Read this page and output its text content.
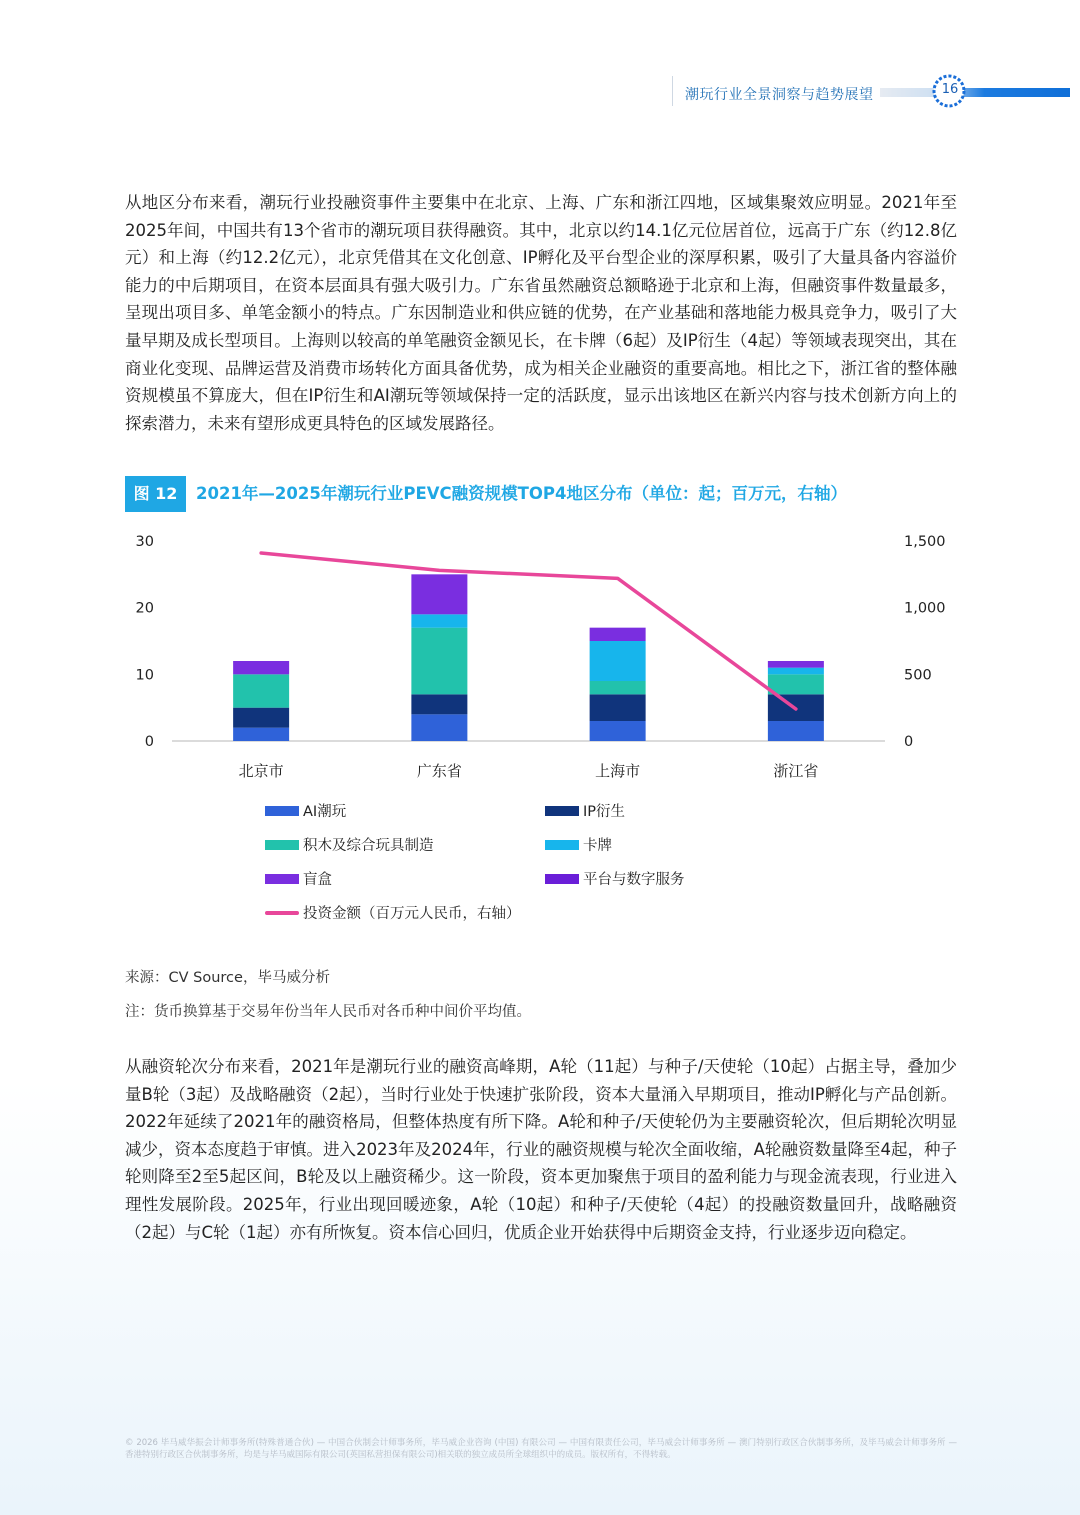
潮玩行业全景洞察与趋势展望	16

从地区分布来看，潮玩行业投融资事件主要集中在北京、上海、广东和浙江四地，区域集聚效应明显。2021年至2025年间，中国共有13个省市的潮玩项目获得融资。其中，北京以约14.1亿元位居首位，远高于广东（约12.8亿元）和上海（约12.2亿元），北京凭借其在文化创意、IP孵化及平台型企业的深厚积累，吸引了大量具备内容溢价能力的中后期项目，在资本层面具有强大吸引力。广东省虽然融资总额略逊于北京和上海，但融资事件数量最多，呈现出项目多、单笔金额小的特点。广东因制造业和供应链的优势，在产业基础和落地能力极具竞争力，吸引了大量早期及成长型项目。上海则以较高的单笔融资金额见长，在卡牌（6起）及IP衍生（4起）等领域表现突出，其在商业化变现、品牌运营及消费市场转化方面具备优势，成为相关企业融资的重要高地。相比之下，浙江省的整体融资规模虽不算庞大，但在IP衍生和AI潮玩等领域保持一定的活跃度，显示出该地区在新兴内容与技术创新方向上的探索潜力，未来有望形成更具特色的区域发展路径。

图 12	2021年—2025年潮玩行业PEVC融资规模TOP4地区分布（单位：起；百万元，右轴）
0
10
20
30
0
500
1,000
1,500
北京市	广东省	上海市	浙江省
AI潮玩	IP衍生
积木及综合玩具制造	卡牌
盲盒	平台与数字服务
投资金额（百万元人民币，右轴）
来源：CV Source，毕马威分析
注：货币换算基于交易年份当年人民币对各币种中间价平均值。

从融资轮次分布来看，2021年是潮玩行业的融资高峰期，A轮（11起）与种子/天使轮（10起）占据主导，叠加少量B轮（3起）及战略融资（2起），当时行业处于快速扩张阶段，资本大量涌入早期项目，推动IP孵化与产品创新。2022年延续了2021年的融资格局，但整体热度有所下降。A轮和种子/天使轮仍为主要融资轮次，但后期轮次明显减少，资本态度趋于审慎。进入2023年及2024年，行业的融资规模与轮次全面收缩，A轮融资数量降至4起，种子轮则降至2至5起区间，B轮及以上融资稀少。这一阶段，资本更加聚焦于项目的盈利能力与现金流表现，行业进入理性发展阶段。2025年，行业出现回暖迹象，A轮（10起）和种子/天使轮（4起）的投融资数量回升，战略融资（2起）与C轮（1起）亦有所恢复。资本信心回归，优质企业开始获得中后期资金支持，行业逐步迈向稳定。

© 2026 毕马威华振会计师事务所(特殊普通合伙) — 中国合伙制会计师事务所，毕马威企业咨询 (中国) 有限公司 — 中国有限责任公司，毕马威会计师事务所 — 澳门特别行政区合伙制事务所，及毕马威会计师事务所 — 香港特别行政区合伙制事务所，均是与毕马威国际有限公司(英国私营担保有限公司)相关联的独立成员所全球组织中的成员。版权所有，不得转载。
